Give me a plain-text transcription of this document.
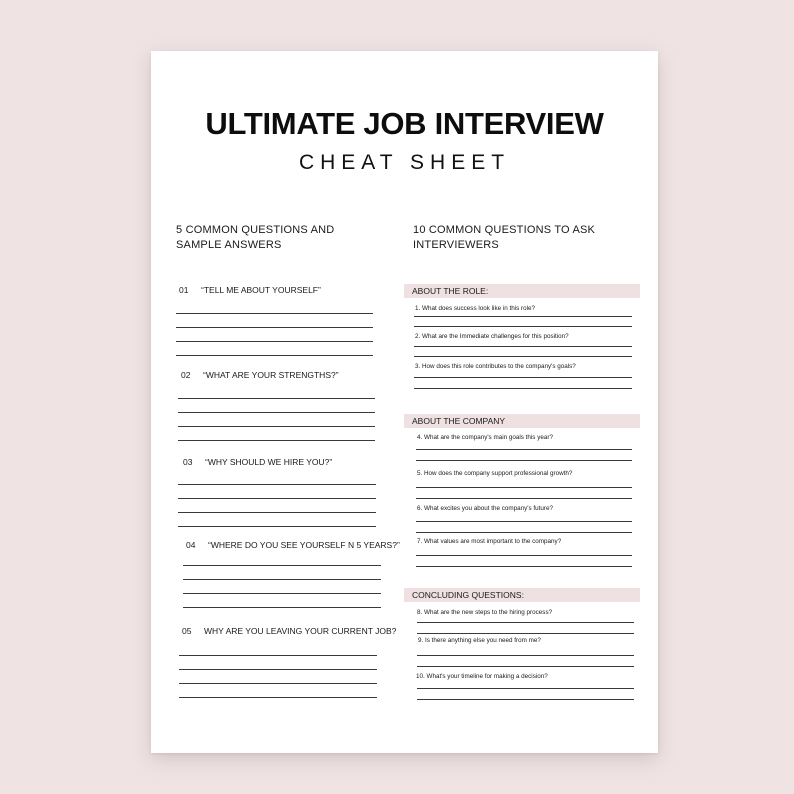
ULTIMATE JOB INTERVIEW
CHEAT SHEET
5 COMMON QUESTIONS AND SAMPLE ANSWERS
01 “TELL ME ABOUT YOURSELF”
02 “WHAT ARE YOUR STRENGTHS?”
03 “WHY SHOULD WE HIRE YOU?”
04 “WHERE DO YOU SEE YOURSELF N 5 YEARS?”
05 WHY ARE YOU LEAVING YOUR CURRENT JOB?
10 COMMON QUESTIONS TO ASK INTERVIEWERS
ABOUT THE ROLE:
1. What does success look like in this role?
2. What are the Immediate challenges for this position?
3. How does this role contributes to the company's goals?
ABOUT THE COMPANY
4. What are the company's main goals this year?
5. How does the company support professional growth?
6. What excites you about the company's future?
7. What values are most important to the company?
CONCLUDING QUESTIONS:
8. What are the new steps to the hiring process?
9. Is there anything else you need from me?
10. What's your timeline for making a decision?
